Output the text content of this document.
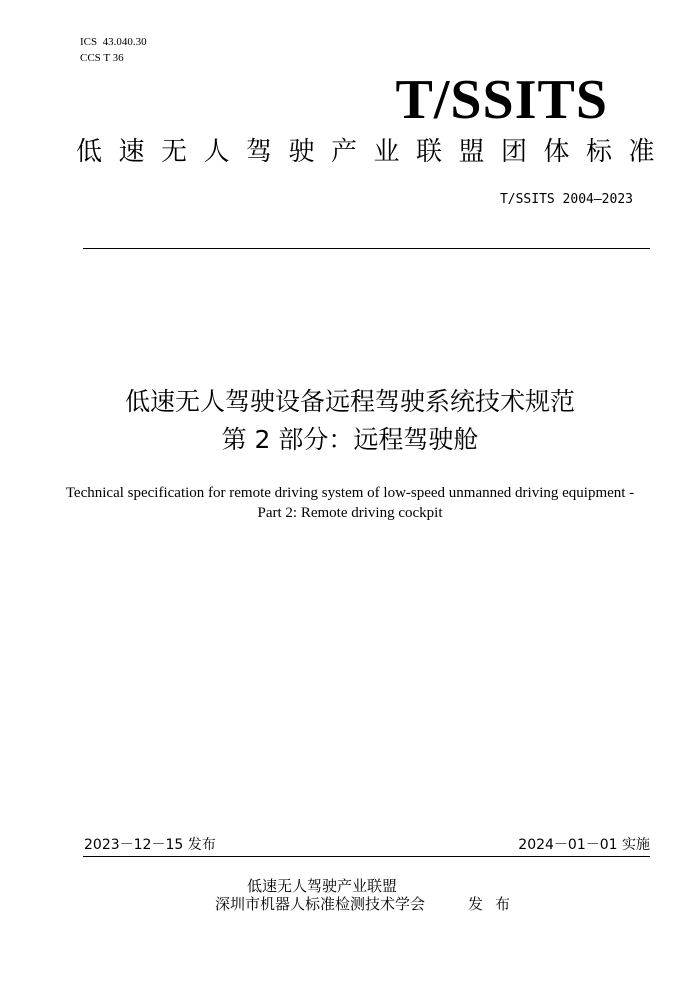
ICS  43.040.30
CCS T 36
T/SSITS
低速无人驾驶产业联盟团体标准
T/SSITS 2004—2023
低速无人驾驶设备远程驾驶系统技术规范
第 2 部分：远程驾驶舱
Technical specification for remote driving system of low-speed unmanned driving equipment - Part 2: Remote driving cockpit
2023－12－15 发布	2024－01－01 实施
低速无人驾驶产业联盟
深圳市机器人标准检测技术学会	发布
